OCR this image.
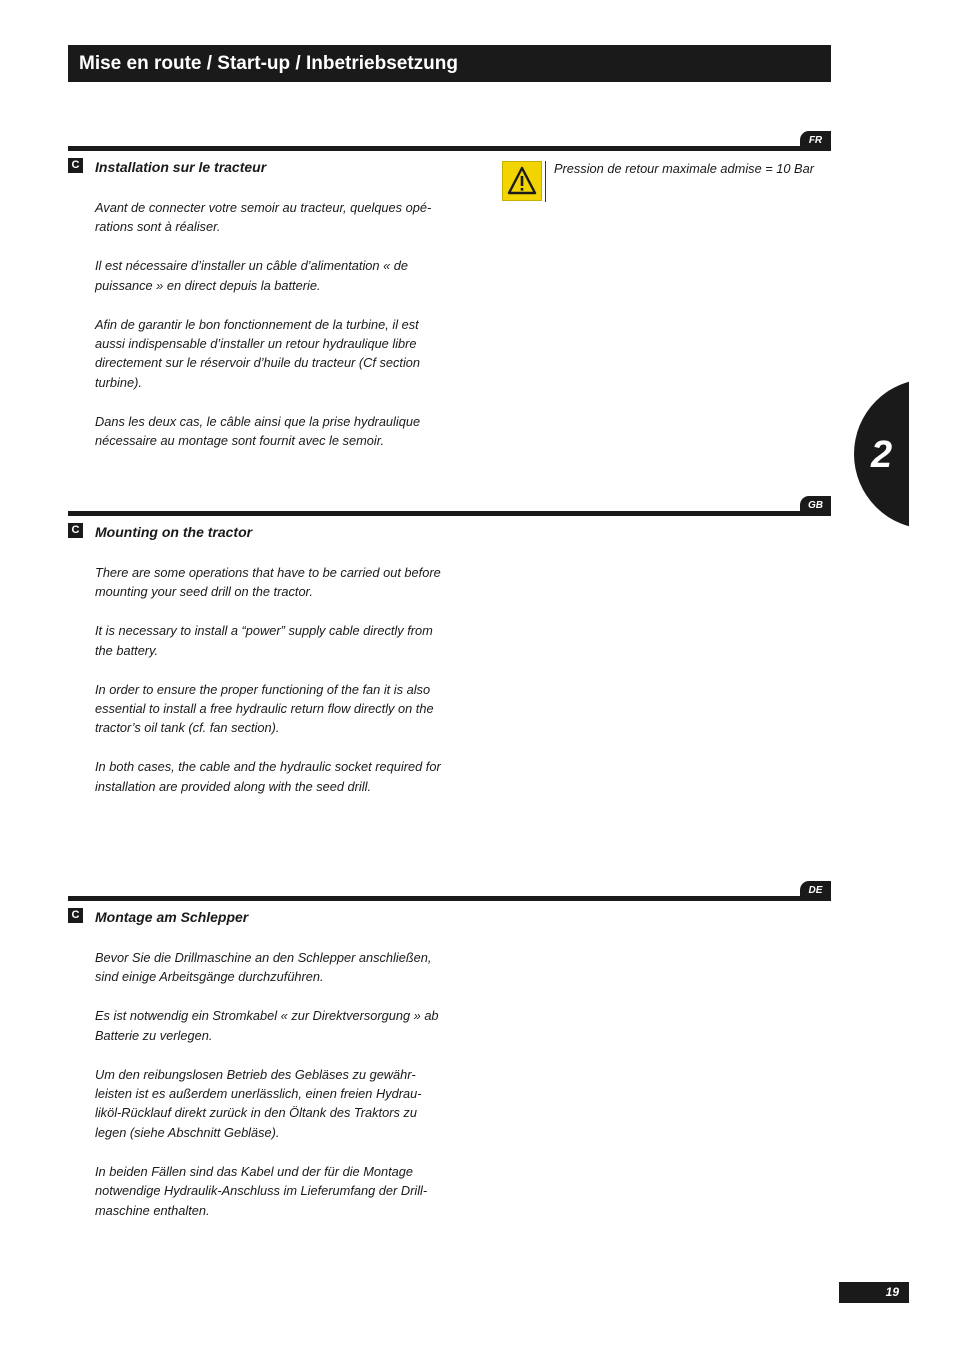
Mise en route / Start-up / Inbetriebsetzung
FR
C Installation sur le tracteur

Avant de connecter votre semoir au tracteur, quelques opé-
rations sont à réaliser.

Il est nécessaire d’installer un câble d’alimentation « de
puissance » en direct depuis la batterie.

Afin de garantir le bon fonctionnement de la turbine, il est
aussi indispensable d’installer un retour hydraulique libre
directement sur le réservoir d’huile du tracteur (Cf section
turbine).

Dans les deux cas, le câble ainsi que la prise hydraulique
nécessaire au montage sont fournit avec le semoir.

Pression de retour maximale admise = 10 Bar
GB
C Mounting on the tractor

There are some operations that have to be carried out before
mounting your seed drill on the tractor.

It is necessary to install a “power” supply cable directly from
the battery.

In order to ensure the proper functioning of the fan it is also
essential to install a free hydraulic return flow directly on the
tractor’s oil tank (cf. fan section).

In both cases, the cable and the hydraulic socket required for
installation are provided along with the seed drill.

DE
C Montage am Schlepper

Bevor Sie die Drillmaschine an den Schlepper anschließen,
sind einige Arbeitsgänge durchzuführen.

Es ist notwendig ein Stromkabel « zur Direktversorgung » ab
Batterie zu verlegen.

Um den reibungslosen Betrieb des Gebläses zu gewähr-
leisten ist es außerdem unerlässlich, einen freien Hydrau-
liköl-Rücklauf direkt zurück in den Öltank des Traktors zu
legen (siehe Abschnitt Gebläse).

In beiden Fällen sind das Kabel und der für die Montage
notwendige Hydraulik-Anschluss im Lieferumfang der Drill-
maschine enthalten.

2
19
